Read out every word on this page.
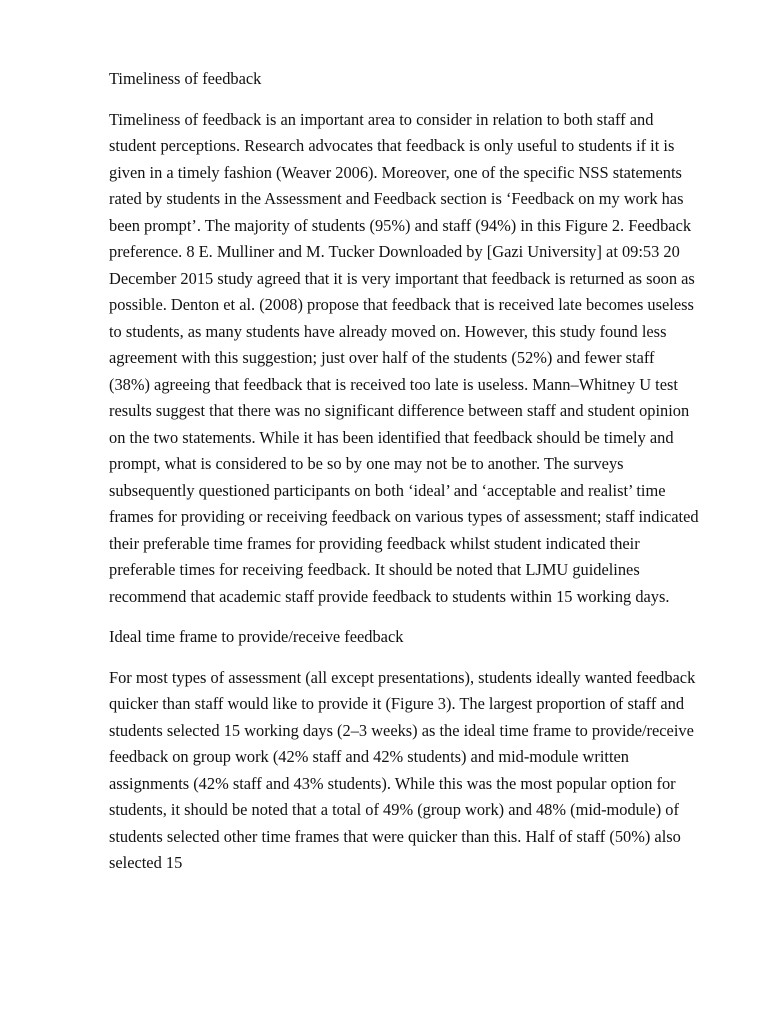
Timeliness of feedback
Timeliness of feedback is an important area to consider in relation to both staff and student perceptions. Research advocates that feedback is only useful to students if it is given in a timely fashion (Weaver 2006). Moreover, one of the specific NSS statements rated by students in the Assessment and Feedback section is ‘Feedback on my work has been prompt’. The majority of students (95%) and staff (94%) in this Figure 2. Feedback preference. 8 E. Mulliner and M. Tucker Downloaded by [Gazi University] at 09:53 20 December 2015 study agreed that it is very important that feedback is returned as soon as possible. Denton et al. (2008) propose that feedback that is received late becomes useless to students, as many students have already moved on. However, this study found less agreement with this suggestion; just over half of the students (52%) and fewer staff (38%) agreeing that feedback that is received too late is useless. Mann–Whitney U test results suggest that there was no significant difference between staff and student opinion on the two statements. While it has been identified that feedback should be timely and prompt, what is considered to be so by one may not be to another. The surveys subsequently questioned participants on both ‘ideal’ and ‘acceptable and realist’ time frames for providing or receiving feedback on various types of assessment; staff indicated their preferable time frames for providing feedback whilst student indicated their preferable times for receiving feedback. It should be noted that LJMU guidelines recommend that academic staff provide feedback to students within 15 working days.
Ideal time frame to provide/receive feedback
For most types of assessment (all except presentations), students ideally wanted feedback quicker than staff would like to provide it (Figure 3). The largest proportion of staff and students selected 15 working days (2–3 weeks) as the ideal time frame to provide/receive feedback on group work (42% staff and 42% students) and mid-module written assignments (42% staff and 43% students). While this was the most popular option for students, it should be noted that a total of 49% (group work) and 48% (mid-module) of students selected other time frames that were quicker than this. Half of staff (50%) also selected 15
